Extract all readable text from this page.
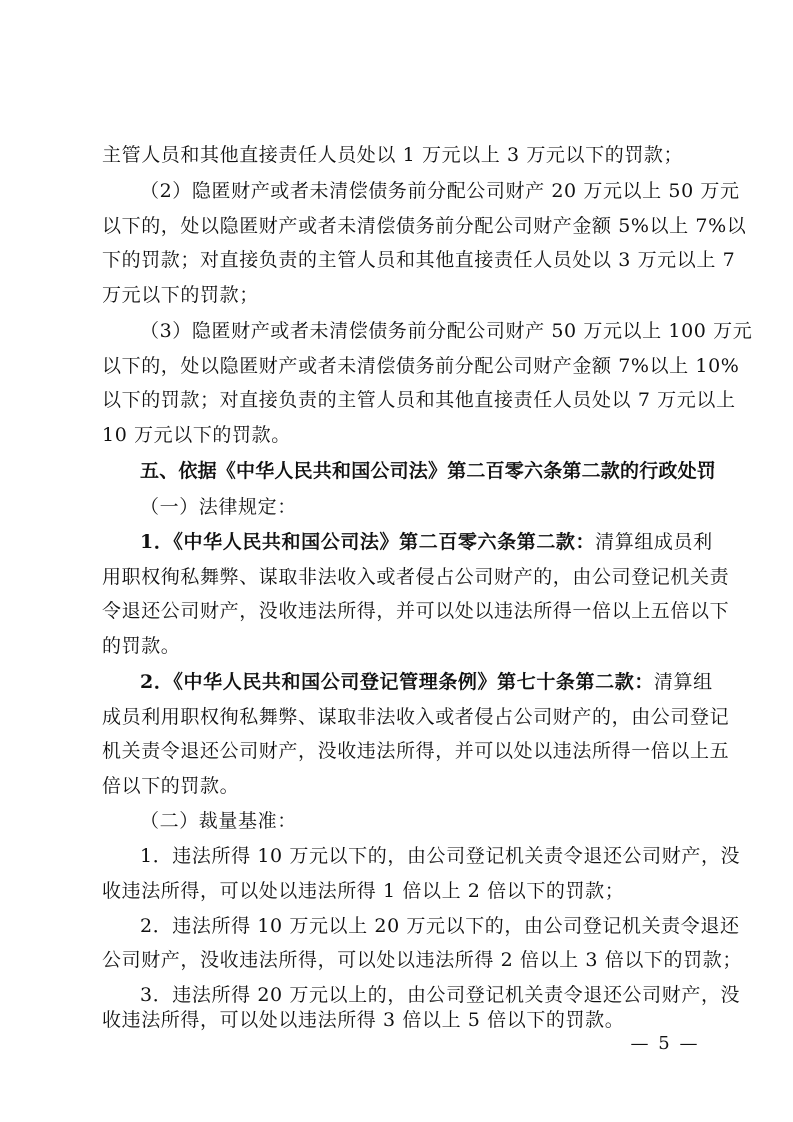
主管人员和其他直接责任人员处以 1 万元以上 3 万元以下的罚款；
（2）隐匿财产或者未清偿债务前分配公司财产 20 万元以上 50 万元
以下的，处以隐匿财产或者未清偿债务前分配公司财产金额 5%以上 7%以
下的罚款；对直接负责的主管人员和其他直接责任人员处以 3 万元以上 7
万元以下的罚款；
（3）隐匿财产或者未清偿债务前分配公司财产 50 万元以上 100 万元
以下的，处以隐匿财产或者未清偿债务前分配公司财产金额 7%以上 10%
以下的罚款；对直接负责的主管人员和其他直接责任人员处以 7 万元以上
10 万元以下的罚款。
五、依据《中华人民共和国公司法》第二百零六条第二款的行政处罚
（一）法律规定：
1．《中华人民共和国公司法》第二百零六条第二款：清算组成员利
用职权徇私舞弊、谋取非法收入或者侵占公司财产的，由公司登记机关责
令退还公司财产，没收违法所得，并可以处以违法所得一倍以上五倍以下
的罚款。
2．《中华人民共和国公司登记管理条例》第七十条第二款：清算组
成员利用职权徇私舞弊、谋取非法收入或者侵占公司财产的，由公司登记
机关责令退还公司财产，没收违法所得，并可以处以违法所得一倍以上五
倍以下的罚款。
（二）裁量基准：
1．违法所得 10 万元以下的，由公司登记机关责令退还公司财产，没
收违法所得，可以处以违法所得 1 倍以上 2 倍以下的罚款；
2．违法所得 10 万元以上 20 万元以下的，由公司登记机关责令退还
公司财产，没收违法所得，可以处以违法所得 2 倍以上 3 倍以下的罚款；
3．违法所得 20 万元以上的，由公司登记机关责令退还公司财产，没
收违法所得，可以处以违法所得 3 倍以上 5 倍以下的罚款。
— 5 —
